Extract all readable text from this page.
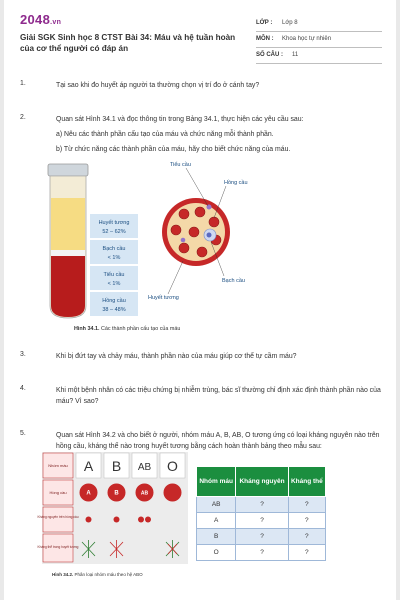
2048.vn
Giải SGK Sinh học 8 CTST Bài 34: Máu và hệ tuần hoàn của cơ thể người có đáp án
LỚP : Lớp 8
MÔN : Khoa học tự nhiên
SỐ CÂU : 11
1.	Tại sao khi đo huyết áp người ta thường chọn vị trí đo ở cánh tay?
2.	Quan sát Hình 34.1 và đọc thông tin trong Bảng 34.1, thực hiện các yêu cầu sau:
a) Nêu các thành phần cấu tạo của máu và chức năng mỗi thành phần.
b) Từ chức năng các thành phần của máu, hãy cho biết chức năng của máu.
3.	Khi bị đứt tay và chảy máu, thành phần nào của máu giúp cơ thể tự cầm máu?
4.	Khi một bệnh nhân có các triệu chứng bị nhiễm trùng, bác sĩ thường chỉ định xác định thành phần nào của máu? Vì sao?
5.	Quan sát Hình 34.2 và cho biết ở người, nhóm máu A, B, AB, O tương ứng có loại kháng nguyên nào trên hồng cầu, kháng thể nào trong huyết tương bằng cách hoàn thành bảng theo mẫu sau:
Huyết tương
52 – 62%
Bạch cầu
< 1%
Tiểu cầu
< 1%
Hồng cầu
38 – 48%
Tiểu cầu
Hồng cầu
Bạch cầu
Huyết tương
Hình 34.1. Các thành phần cấu tạo của máu
Nhóm máu
Hồng cầu
Kháng nguyên trên hồng cầu
Kháng thể trong huyết tương
A B AB O
A	B	AB
Hình 34.2. Phân loại nhóm máu theo hệ ABO
Nhóm máu	Kháng nguyên	Kháng thể
AB	?	?
A	?	?
B	?	?
O	?	?
